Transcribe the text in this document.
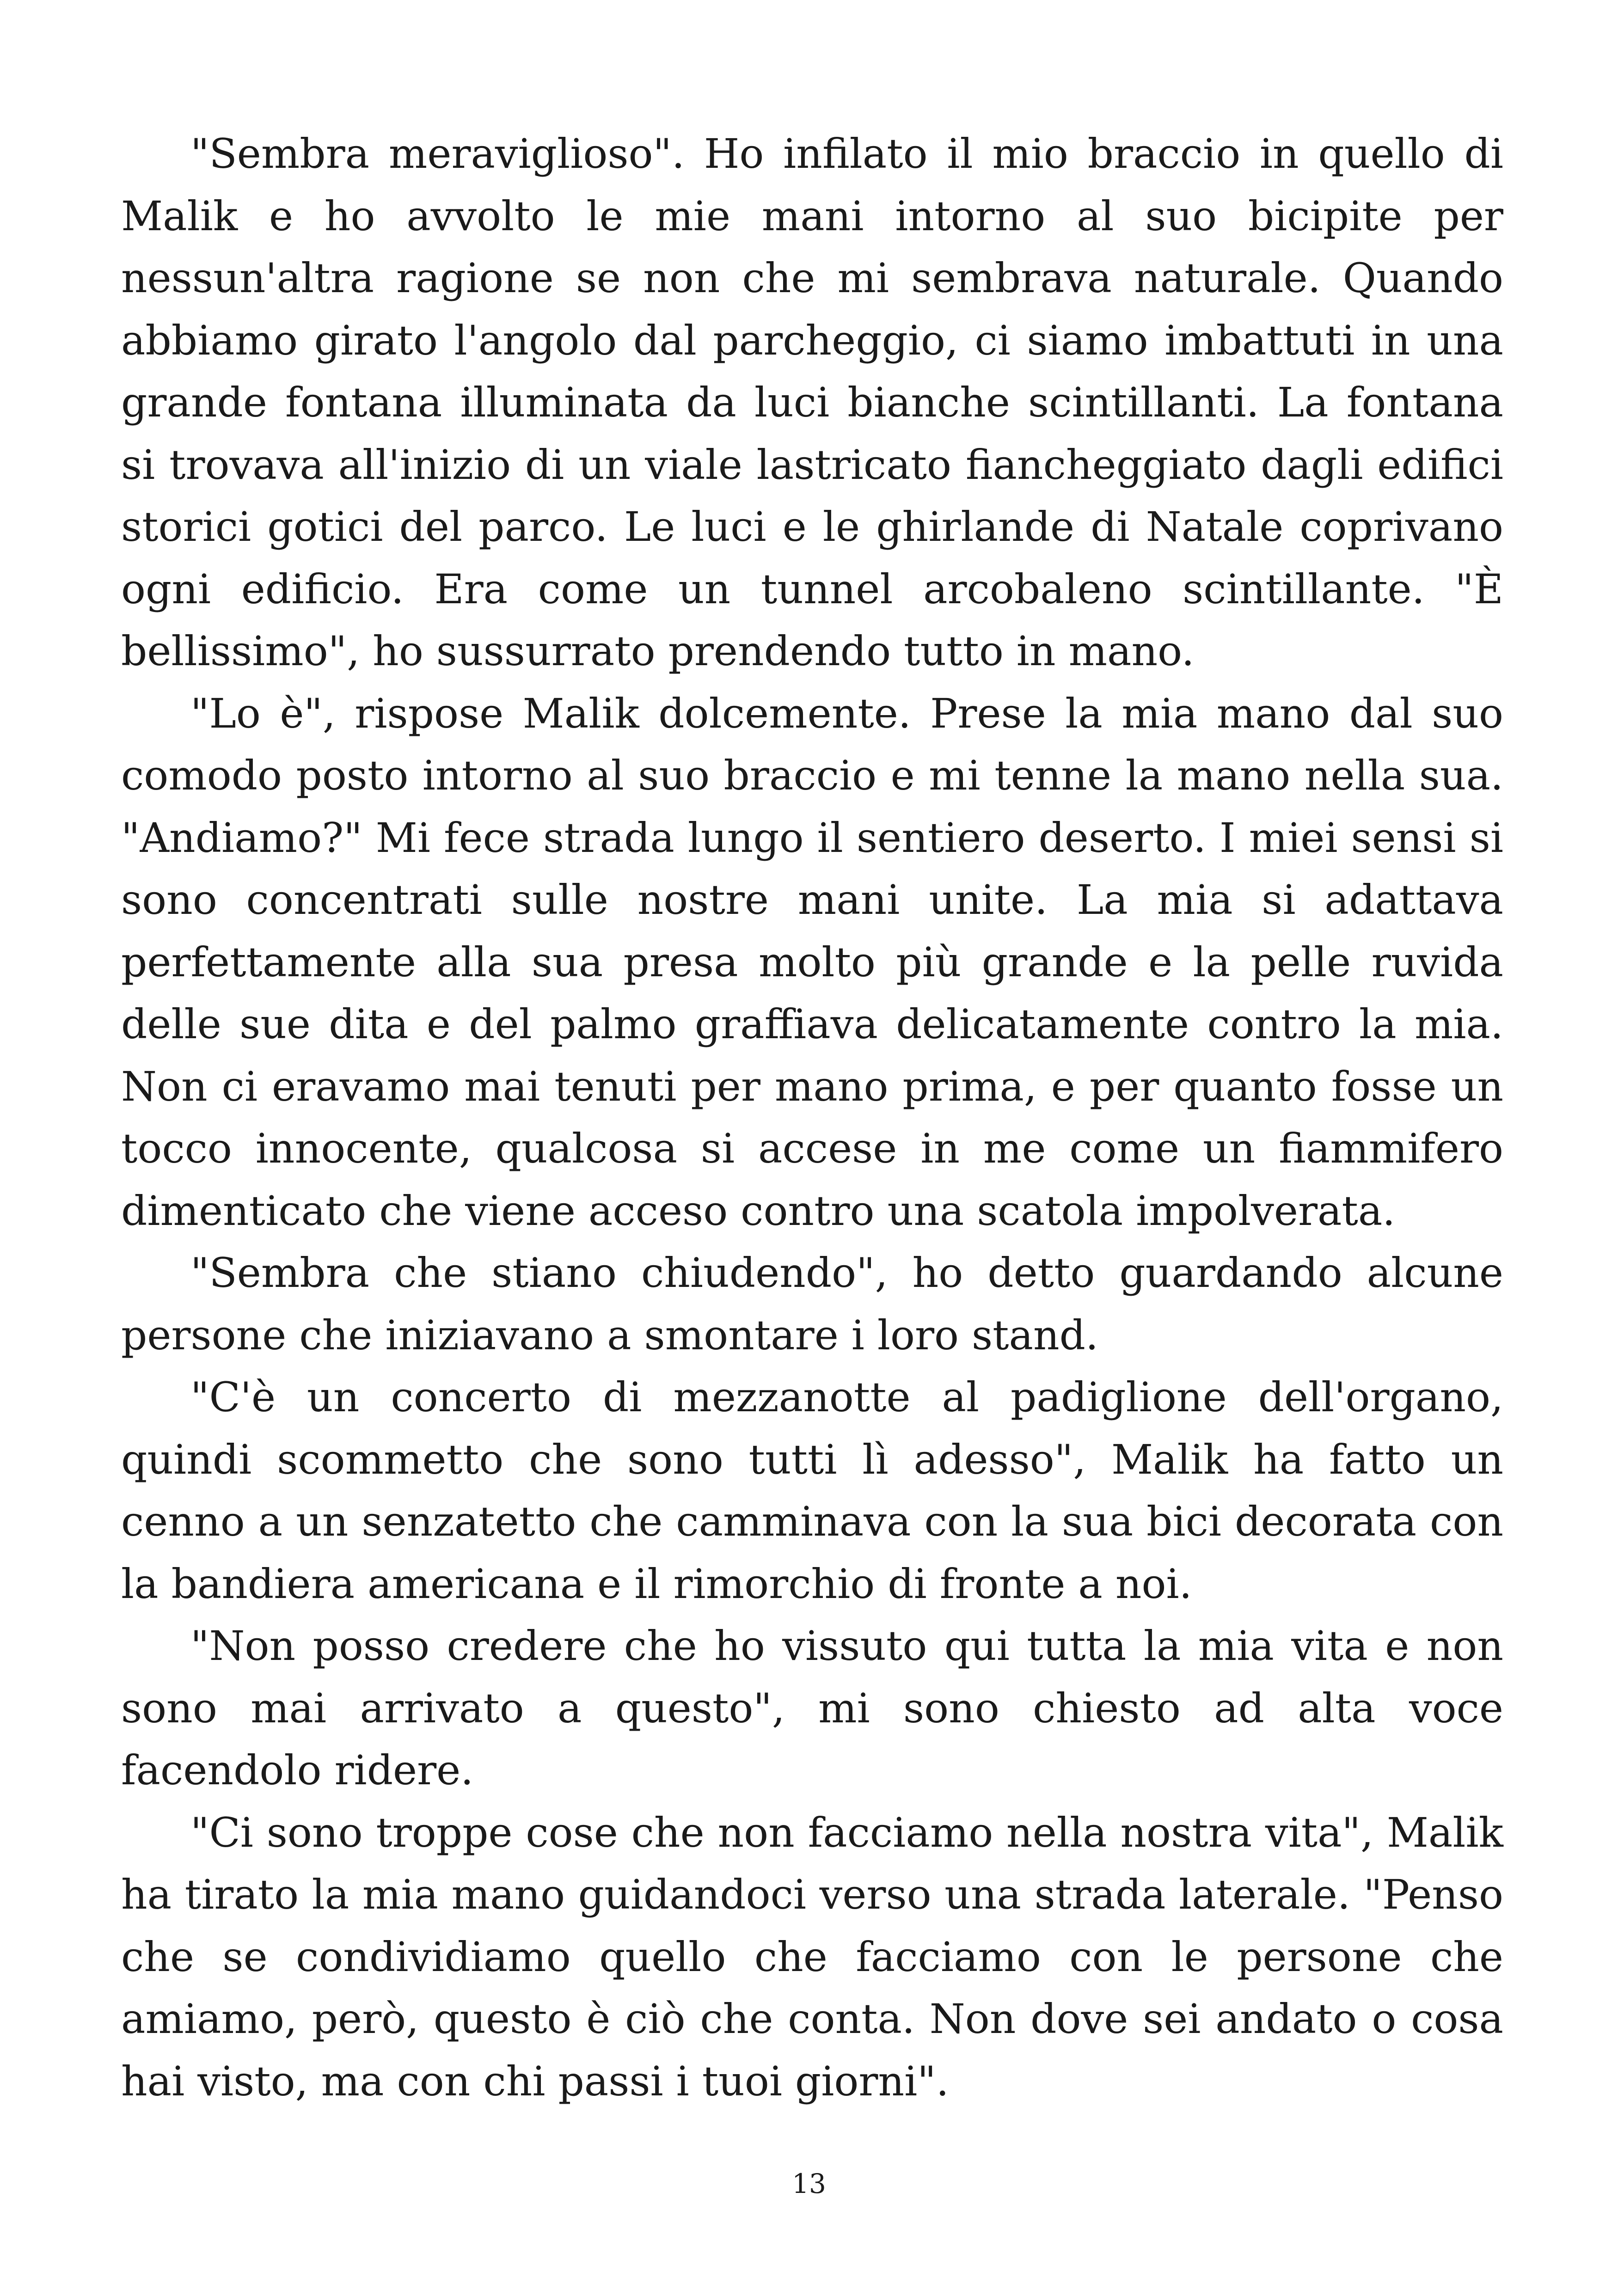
"Sembra meraviglioso". Ho infilato il mio braccio in quello di Malik e ho avvolto le mie mani intorno al suo bicipite per nessun'altra ragione se non che mi sembrava naturale. Quando abbiamo girato l'angolo dal parcheggio, ci siamo imbattuti in una grande fontana illuminata da luci bianche scintillanti. La fontana si trovava all'inizio di un viale lastricato fiancheggiato dagli edifici storici gotici del parco. Le luci e le ghirlande di Natale coprivano ogni edificio. Era come un tunnel arcobaleno scintillante. "È bellissimo", ho sussurrato prendendo tutto in mano.

"Lo è", rispose Malik dolcemente. Prese la mia mano dal suo comodo posto intorno al suo braccio e mi tenne la mano nella sua. "Andiamo?" Mi fece strada lungo il sentiero deserto. I miei sensi si sono concentrati sulle nostre mani unite. La mia si adattava perfettamente alla sua presa molto più grande e la pelle ruvida delle sue dita e del palmo graffiava delicatamente contro la mia. Non ci eravamo mai tenuti per mano prima, e per quanto fosse un tocco innocente, qualcosa si accese in me come un fiammifero dimenticato che viene acceso contro una scatola impolverata.

"Sembra che stiano chiudendo", ho detto guardando alcune persone che iniziavano a smontare i loro stand.

"C'è un concerto di mezzanotte al padiglione dell'organo, quindi scommetto che sono tutti lì adesso", Malik ha fatto un cenno a un senzatetto che camminava con la sua bici decorata con la bandiera americana e il rimorchio di fronte a noi.

"Non posso credere che ho vissuto qui tutta la mia vita e non sono mai arrivato a questo", mi sono chiesto ad alta voce facendolo ridere.

"Ci sono troppe cose che non facciamo nella nostra vita", Malik ha tirato la mia mano guidandoci verso una strada laterale. "Penso che se condividiamo quello che facciamo con le persone che amiamo, però, questo è ciò che conta. Non dove sei andato o cosa hai visto, ma con chi passi i tuoi giorni".

13
